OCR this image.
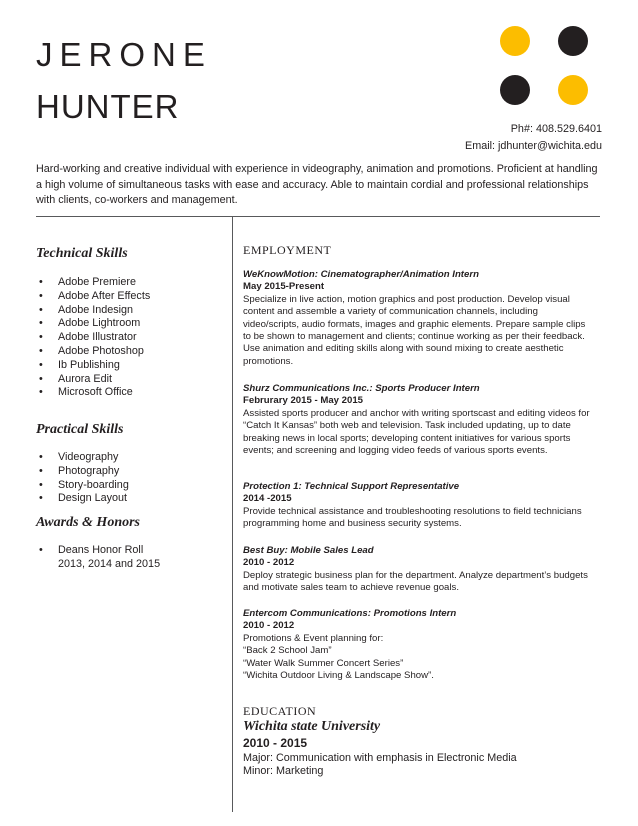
JERONE
HUNTER
Ph#: 408.529.6401
Email: jdhunter@wichita.edu

Hard-working and creative individual with experience in videography, animation and promotions. Proficient at handling a high volume of simultaneous tasks with ease and accuracy. Able to maintain cordial and professional relationships with clients, co-workers and management.

Technical Skills
• Adobe Premiere
• Adobe After Effects
• Adobe Indesign
• Adobe Lightroom
• Adobe Illustrator
• Adobe Photoshop
• Ib Publishing
• Aurora Edit
• Microsoft Office
Practical Skills
• Videography
• Photography
• Story-boarding
• Design Layout
Awards & Honors
• Deans Honor Roll
2013, 2014 and 2015
EMPLOYMENT
WeKnowMotion: Cinematographer/Animation Intern
May 2015-Present
Specialize in live action, motion graphics and post production. Develop visual content and assemble a variety of communication channels, including video/scripts, audio formats, images and graphic elements. Prepare sample clips to be shown to management and clients; continue working as per their feedback. Use animation and editing skills along with sound mixing to create aesthetic promotions.
Shurz Communications Inc.: Sports Producer Intern
Februrary 2015 - May 2015
Assisted sports producer and anchor with writing sportscast and editing videos for “Catch It Kansas” both web and television. Task included updating, up to date breaking news in local sports; developing content initiatives for various sports events; and screening and logging video feeds of various sports events.
Protection 1: Technical Support Representative
2014 -2015
Provide technical assistance and troubleshooting resolutions to field technicians programming home and business security systems.
Best Buy: Mobile Sales Lead
2010 - 2012
Deploy strategic business plan for the department. Analyze department’s budgets and motivate sales team to achieve revenue goals.
Entercom Communications: Promotions Intern
2010 - 2012
Promotions & Event planning for:
“Back 2 School Jam”
“Water Walk Summer Concert Series”
“Wichita Outdoor Living & Landscape Show”.
EDUCATION
Wichita state University
2010 - 2015
Major: Communication with emphasis in Electronic Media
Minor: Marketing
